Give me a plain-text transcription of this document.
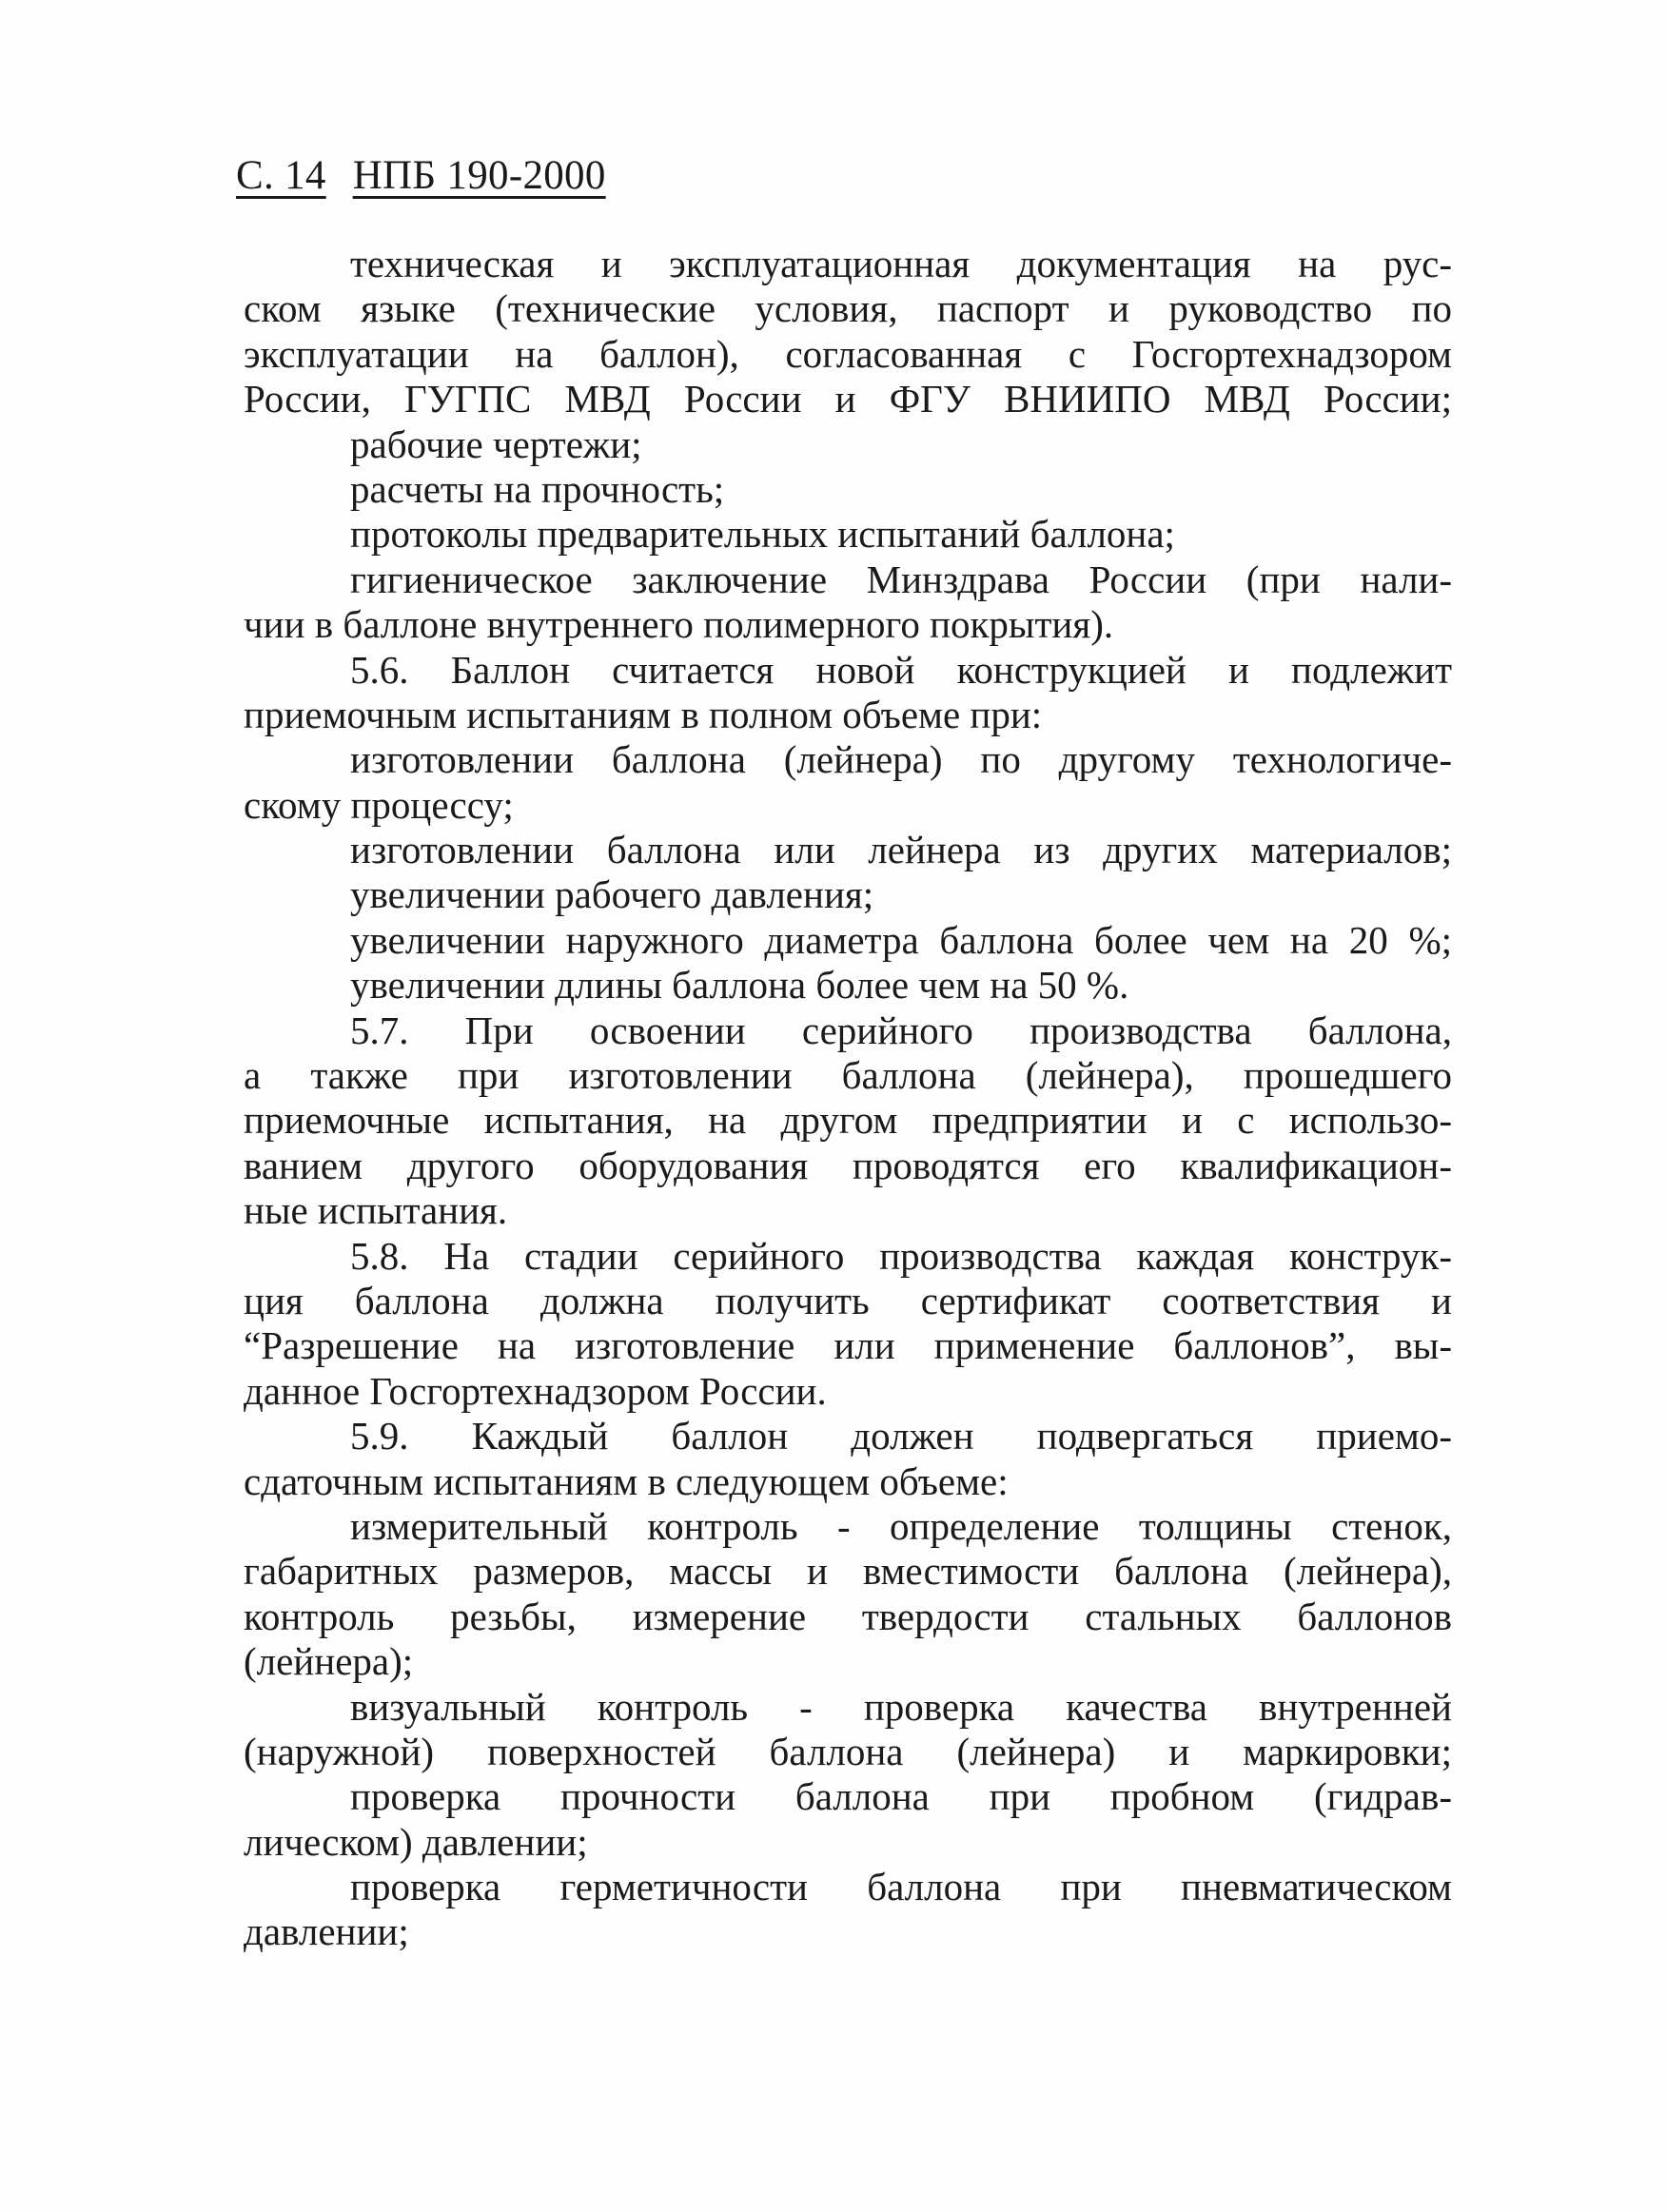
С. 14 НПБ 190-2000
техническая и эксплуатационная документация на рус-
ском языке (технические условия, паспорт и руководство по
эксплуатации на баллон), согласованная с Госгортехнадзором
России, ГУГПС МВД России и ФГУ ВНИИПО МВД России;
рабочие чертежи;
расчеты на прочность;
протоколы предварительных испытаний баллона;
гигиеническое заключение Минздрава России (при нали-
чии в баллоне внутреннего полимерного покрытия).
5.6. Баллон считается новой конструкцией и подлежит
приемочным испытаниям в полном объеме при:
изготовлении баллона (лейнера) по другому технологиче-
скому процессу;
изготовлении баллона или лейнера из других материалов;
увеличении рабочего давления;
увеличении наружного диаметра баллона более чем на 20 %;
увеличении длины баллона более чем на 50 %.
5.7. При освоении серийного производства баллона,
а также при изготовлении баллона (лейнера), прошедшего
приемочные испытания, на другом предприятии и с использо-
ванием другого оборудования проводятся его квалификацион-
ные испытания.
5.8. На стадии серийного производства каждая конструк-
ция баллона должна получить сертификат соответствия и
“Разрешение на изготовление или применение баллонов”, вы-
данное Госгортехнадзором России.
5.9. Каждый баллон должен подвергаться приемо-
сдаточным испытаниям в следующем объеме:
измерительный контроль - определение толщины стенок,
габаритных размеров, массы и вместимости баллона (лейнера),
контроль резьбы, измерение твердости стальных баллонов
(лейнера);
визуальный контроль - проверка качества внутренней
(наружной) поверхностей баллона (лейнера) и маркировки;
проверка прочности баллона при пробном (гидрав-
лическом) давлении;
проверка герметичности баллона при пневматическом
давлении;
